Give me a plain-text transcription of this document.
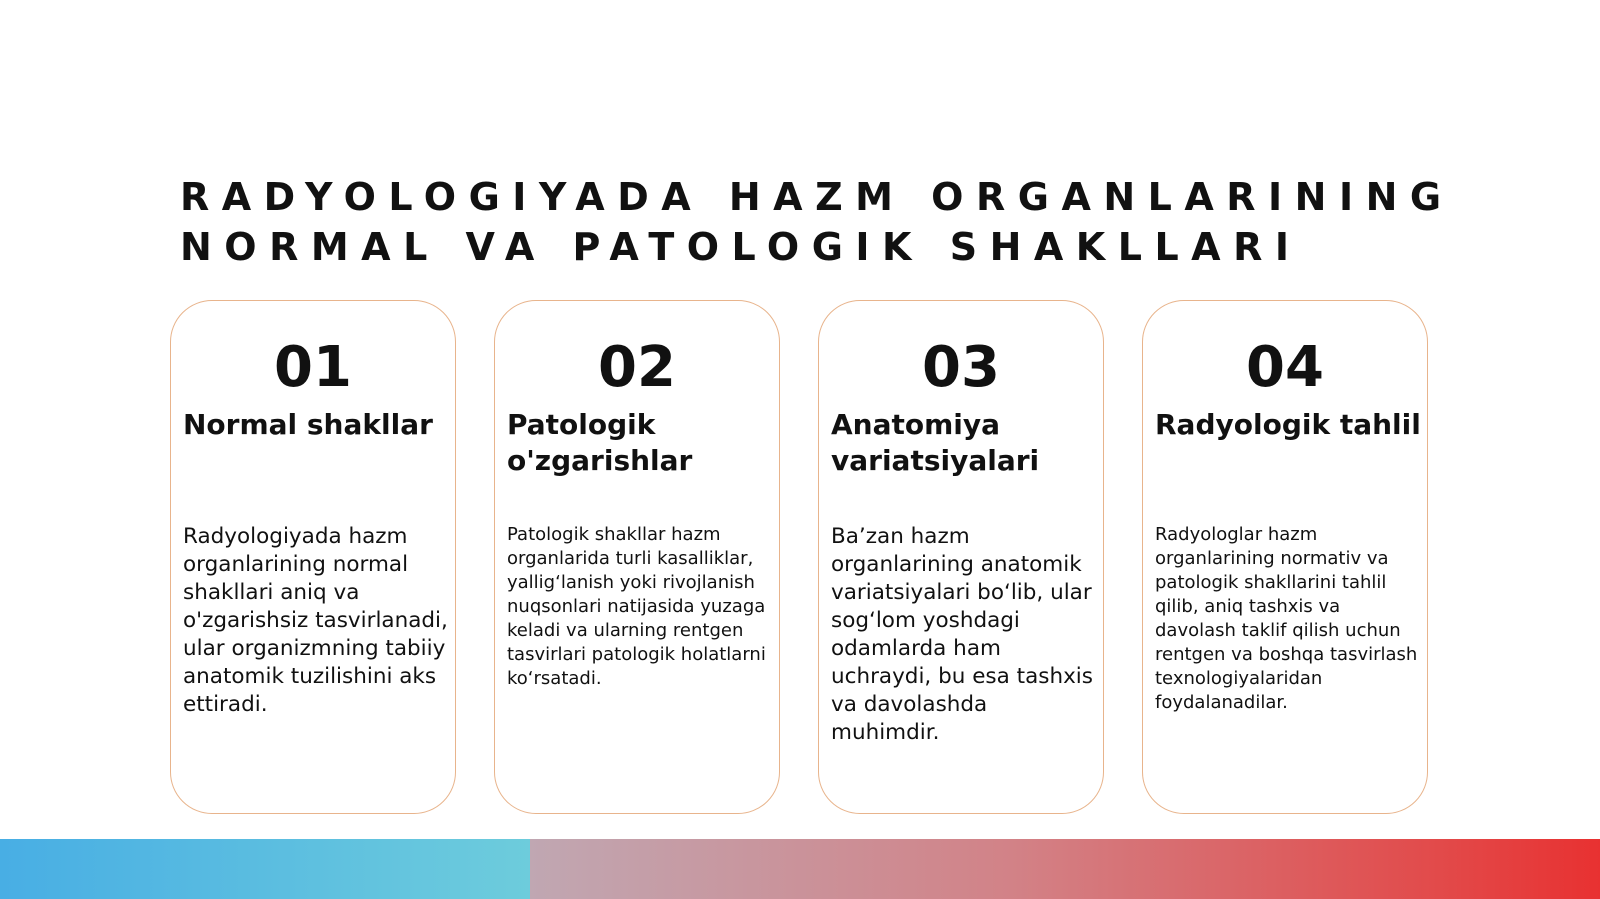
RADYOLOGIYADA HAZM ORGANLARINING
NORMAL VA PATOLOGIK SHAKLLARI
01
Normal shakllar
Radyologiyada hazm organlarining normal shakllari aniq va o'zgarishsiz tasvirlanadi, ular organizmning tabiiy anatomik tuzilishini aks ettiradi.
02
Patologik o'zgarishlar
Patologik shakllar hazm organlarida turli kasalliklar, yallig‘lanish yoki rivojlanish nuqsonlari natijasida yuzaga keladi va ularning rentgen tasvirlari patologik holatlarni ko‘rsatadi.
03
Anatomiya variatsiyalari
Ba’zan hazm organlarining anatomik variatsiyalari bo‘lib, ular sog‘lom yoshdagi odamlarda ham uchraydi, bu esa tashxis va davolashda muhimdir.
04
Radyologik tahlil
Radyologlar hazm organlarining normativ va patologik shakllarini tahlil qilib, aniq tashxis va davolash taklif qilish uchun rentgen va boshqa tasvirlash texnologiyalaridan foydalanadilar.
